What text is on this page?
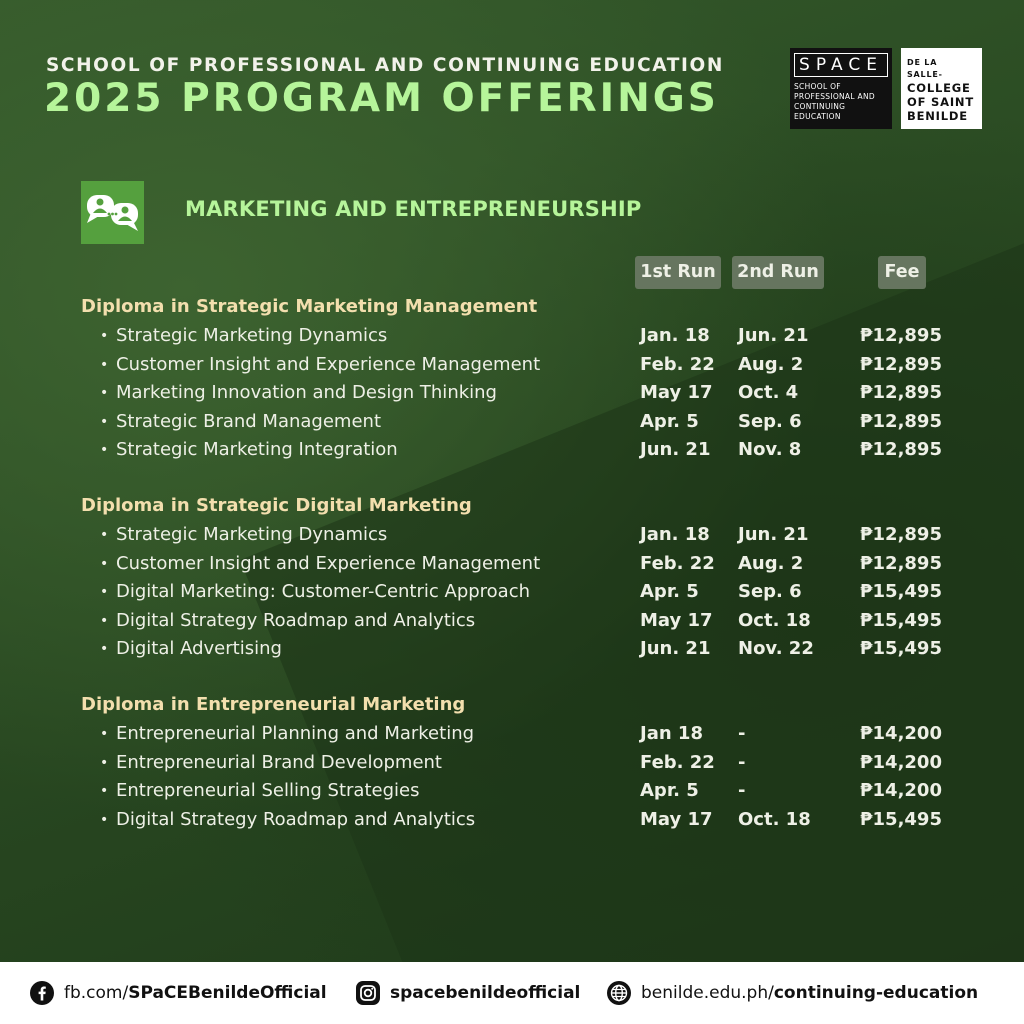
SCHOOL OF PROFESSIONAL AND CONTINUING EDUCATION
2025 PROGRAM OFFERINGS
SPACE
SCHOOL OF
PROFESSIONAL AND
CONTINUING
EDUCATION
DE LA SALLE-
COLLEGE
OF SAINT
BENILDE
MARKETING AND ENTREPRENEURSHIP
1st Run	2nd Run	Fee
Diploma in Strategic Marketing Management
• Strategic Marketing Dynamics	Jan. 18 Jun. 21	₱12,895
• Customer Insight and Experience Management	Feb. 22 Aug. 2	₱12,895
• Marketing Innovation and Design Thinking	May 17 Oct. 4	₱12,895
• Strategic Brand Management	Apr. 5 Sep. 6	₱12,895
• Strategic Marketing Integration	Jun. 21 Nov. 8	₱12,895
Diploma in Strategic Digital Marketing
• Strategic Marketing Dynamics	Jan. 18 Jun. 21	₱12,895
• Customer Insight and Experience Management	Feb. 22 Aug. 2	₱12,895
• Digital Marketing: Customer-Centric Approach	Apr. 5 Sep. 6	₱15,495
• Digital Strategy Roadmap and Analytics	May 17 Oct. 18	₱15,495
• Digital Advertising	Jun. 21 Nov. 22	₱15,495
Diploma in Entrepreneurial Marketing
• Entrepreneurial Planning and Marketing	Jan 18 -	₱14,200
• Entrepreneurial Brand Development	Feb. 22 -	₱14,200
• Entrepreneurial Selling Strategies	Apr. 5 -	₱14,200
• Digital Strategy Roadmap and Analytics	May 17 Oct. 18	₱15,495
fb.com/SPaCEBenildeOfficial	spacebenildeofficial	benilde.edu.ph/continuing-education
